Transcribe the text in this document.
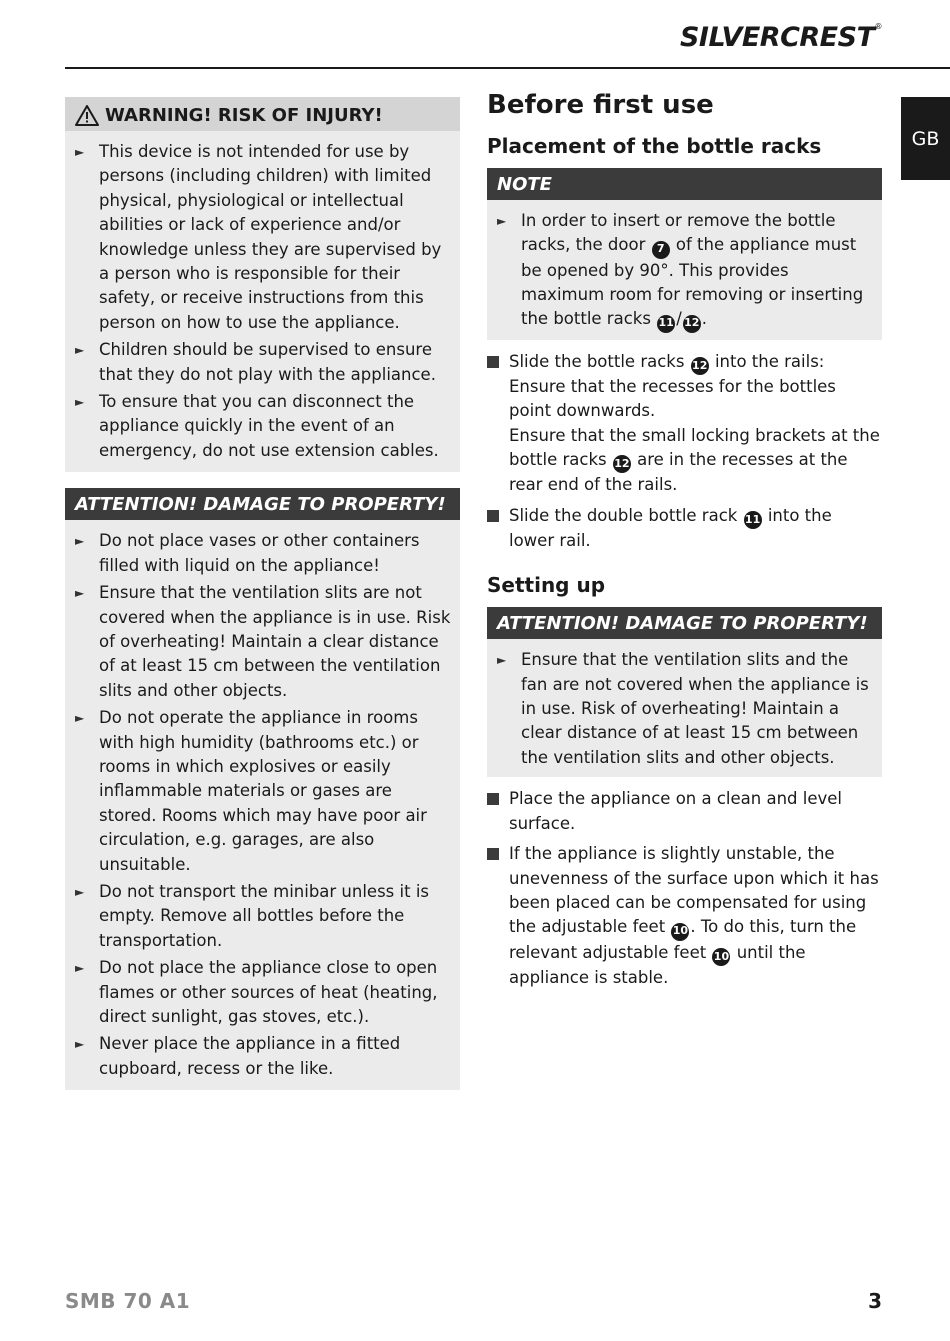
SILVERCREST®
GB
WARNING! RISK OF INJURY!
► This device is not intended for use by persons (including children) with limited physical, physiological or intellectual abilities or lack of experience and/or knowledge unless they are supervised by a person who is responsible for their safety, or receive instructions from this person on how to use the appliance.
► Children should be supervised to ensure that they do not play with the appliance.
► To ensure that you can disconnect the appliance quickly in the event of an emergency, do not use extension cables.
ATTENTION! DAMAGE TO PROPERTY!
► Do not place vases or other containers filled with liquid on the appliance!
► Ensure that the ventilation slits are not covered when the appliance is in use. Risk of overheating! Maintain a clear distance of at least 15 cm between the ventilation slits and other objects.
► Do not operate the appliance in rooms with high humidity (bathrooms etc.) or rooms in which explosives or easily inflammable materials or gases are stored. Rooms which may have poor air circulation, e.g. garages, are also unsuitable.
► Do not transport the minibar unless it is empty. Remove all bottles before the transportation.
► Do not place the appliance close to open flames or other sources of heat (heating, direct sunlight, gas stoves, etc.).
► Never place the appliance in a fitted cupboard, recess or the like.
Before first use
Placement of the bottle racks
NOTE
► In order to insert or remove the bottle racks, the door 7 of the appliance must be opened by 90°. This provides maximum room for removing or inserting the bottle racks 11 / 12 .
Slide the bottle racks 12 into the rails:
Ensure that the recesses for the bottles point downwards.
Ensure that the small locking brackets at the bottle racks 12 are in the recesses at the rear end of the rails.
Slide the double bottle rack 11 into the lower rail.
Setting up
ATTENTION! DAMAGE TO PROPERTY!
► Ensure that the ventilation slits and the fan are not covered when the appliance is in use. Risk of overheating! Maintain a clear distance of at least 15 cm between the ventilation slits and other objects.
Place the appliance on a clean and level surface.
If the appliance is slightly unstable, the unevenness of the surface upon which it has been placed can be compensated for using the adjustable feet 10 . To do this, turn the relevant adjustable feet 10 until the appliance is stable.
SMB 70 A1	3
